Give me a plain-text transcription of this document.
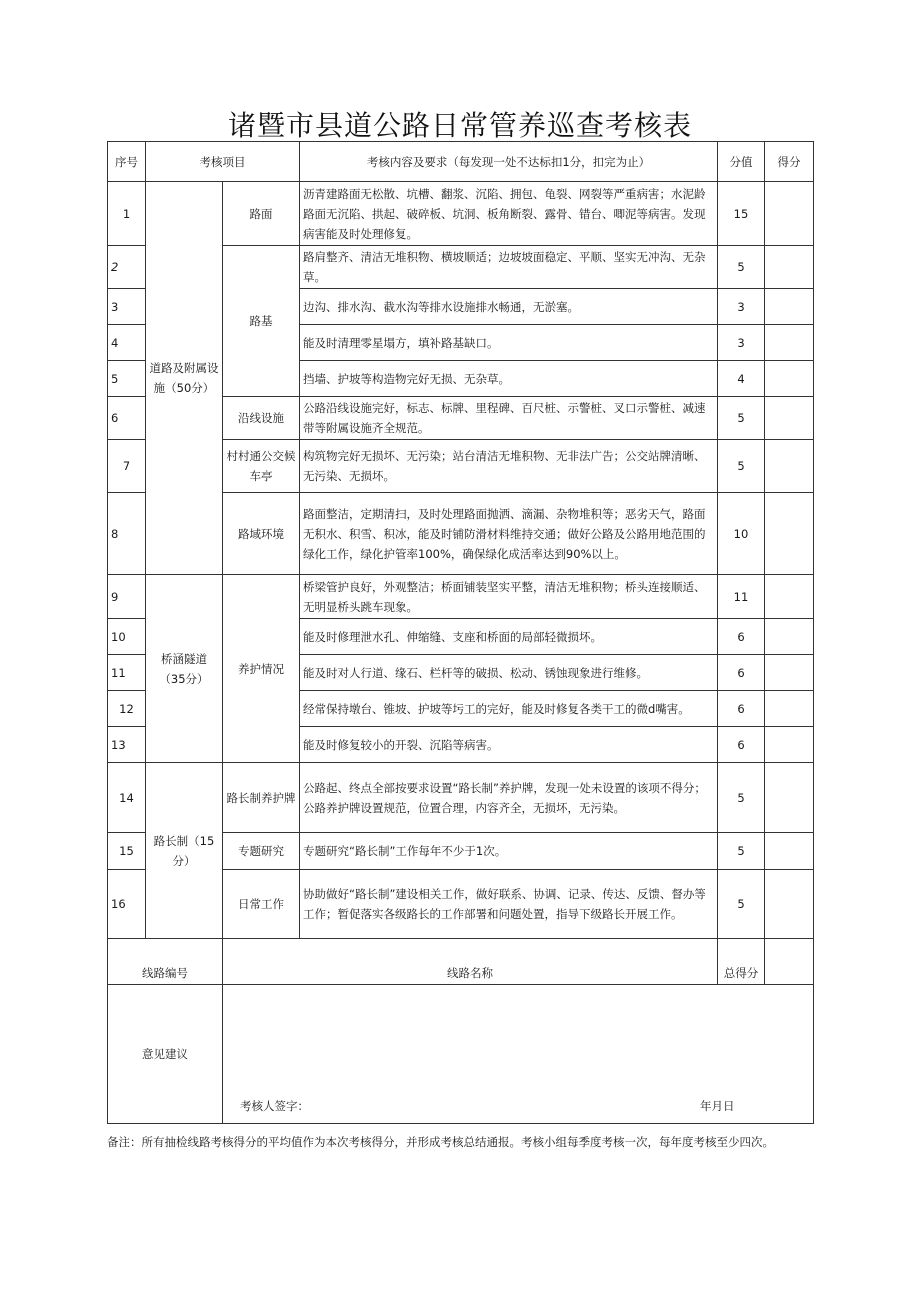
诸暨市县道公路日常管养巡查考核表
序号	考核项目		考核内容及要求（每发现一处不达标扣1分，扣完为止）	分值	得分
1	道路及附属设施（50分）	路面	沥青建路面无松散、坑槽、翻浆、沉陷、拥包、龟裂、网裂等严重病害；水泥龄路面无沉陷、拱起、破碎板、坑洞、板角断裂、露骨、错台、唧泥等病害。发现病害能及时处理修复。	15	
2		路基	路肩整齐、清洁无堆积物、横坡顺适；边坡坡面稳定、平顺、坚实无冲沟、无杂草。	5	
3			边沟、排水沟、截水沟等排水设施排水畅通，无淤塞。	3	
4			能及时清理零星塌方，填补路基缺口。	3	
5			挡墙、护坡等构造物完好无损、无杂草。	4	
6		沿线设施	公路沿线设施完好，标志、标牌、里程碑、百尺桩、示警桩、叉口示警桩、减速带等附属设施齐全规范。	5	
7		村村通公交候车亭	构筑物完好无损坏、无污染；站台清洁无堆积物、无非法广告；公交站牌清晰、无污染、无损坏。	5	
8		路域环境	路面整洁，定期清扫，及时处理路面抛洒、滴漏、杂物堆积等；恶劣天气，路面无积水、积雪、积冰，能及时铺防滑材料维持交通；做好公路及公路用地范围的绿化工作，绿化护管率100%，确保绿化成活率达到90%以上。	10	
9	桥涵隧道（35分）	养护情况	桥梁管护良好，外观整洁；桥面铺装坚实平整，清洁无堆积物；桥头连接顺适、无明显桥头跳车现象。	11	
10			能及时修理泄水孔、伸缩缝、支座和桥面的局部轻微损坏。	6	
11			能及时对人行道、缘石、栏杆等的破损、松动、锈蚀现象进行维修。	6	
12			经常保持墩台、锥坡、护坡等圬工的完好，能及时修复各类干工的微d嘴害。	6	
13			能及时修复较小的开裂、沉陷等病害。	6	
14	路长制（15分）	路长制养护牌	公路起、终点全部按要求设置“路长制”养护牌，发现一处未设置的该项不得分；公路养护牌设置规范，位置合理，内容齐全，无损坏，无污染。	5	
15		专题研究	专题研究“路长制”工作每年不少于1次。	5	
16		日常工作	协助做好“路长制”建设相关工作，做好联系、协调、记录、传达、反馈、督办等工作；暂促落实各级路长的工作部署和问题处置，指导下级路长开展工作。	5	
线路编号		线路名称		总得分	
意见建议					
考核人签字：	年月日
备注：所有抽检线路考核得分的平均值作为本次考核得分，并形成考核总结通报。考核小组每季度考核一次，每年度考核至少四次。
